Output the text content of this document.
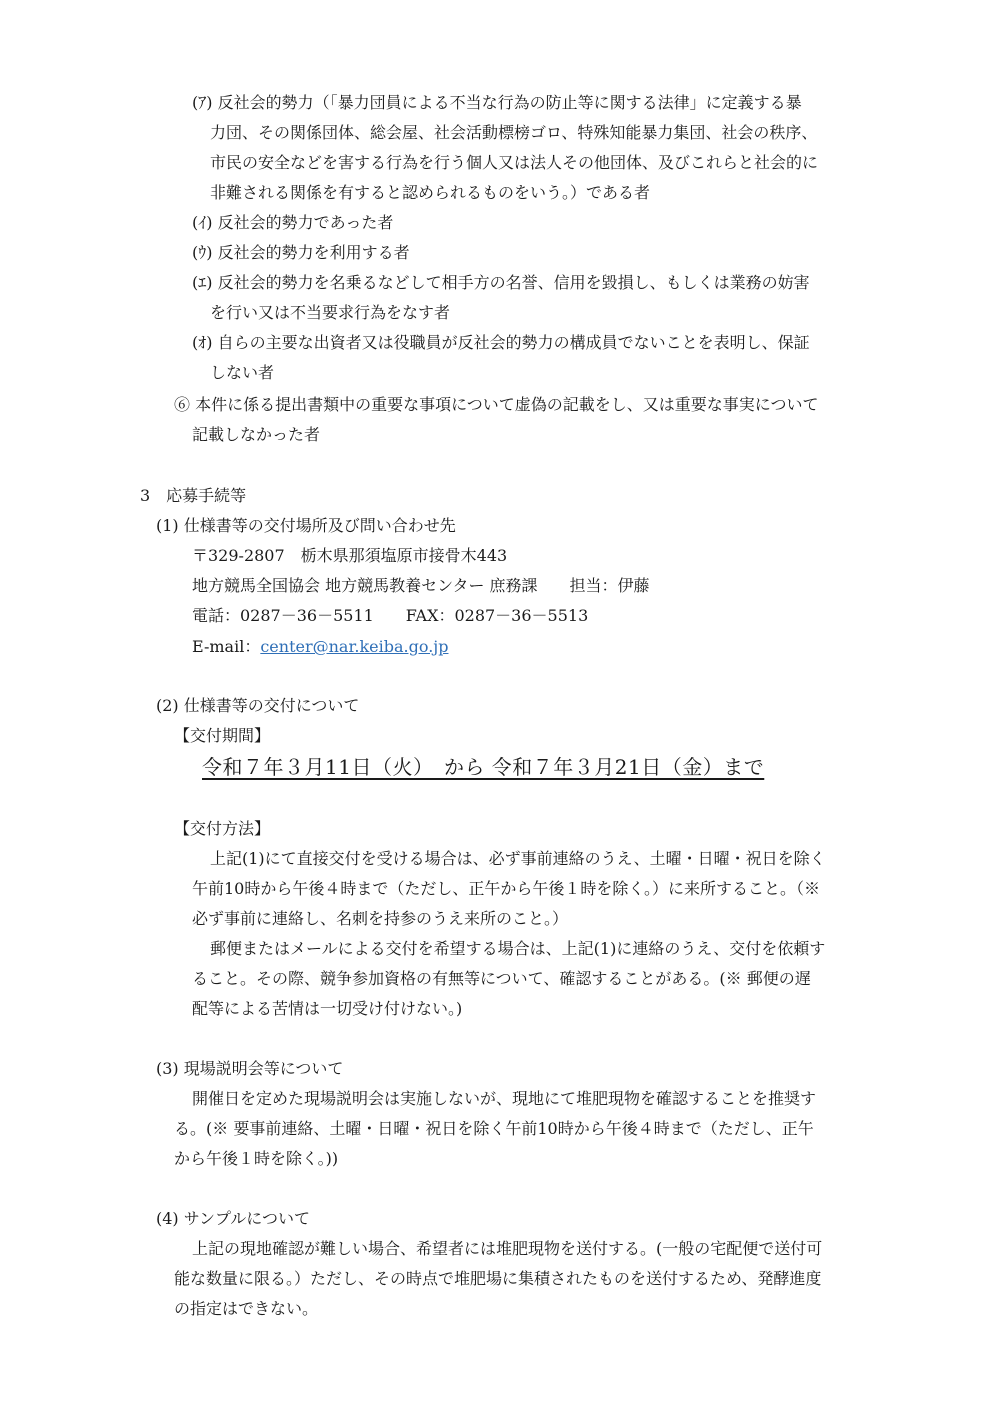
(ｱ) 反社会的勢力（「暴力団員による不当な行為の防止等に関する法律」に定義する暴
力団、その関係団体、総会屋、社会活動標榜ゴロ、特殊知能暴力集団、社会の秩序、
市民の安全などを害する行為を行う個人又は法人その他団体、及びこれらと社会的に
非難される関係を有すると認められるものをいう。）である者
(ｲ) 反社会的勢力であった者
(ｳ) 反社会的勢力を利用する者
(ｴ) 反社会的勢力を名乗るなどして相手方の名誉、信用を毀損し、もしくは業務の妨害
を行い又は不当要求行為をなす者
(ｵ) 自らの主要な出資者又は役職員が反社会的勢力の構成員でないことを表明し、保証
しない者
⑥ 本件に係る提出書類中の重要な事項について虚偽の記載をし、又は重要な事実について
記載しなかった者
3　応募手続等
(1) 仕様書等の交付場所及び問い合わせ先
〒329-2807　栃木県那須塩原市接骨木443
地方競馬全国協会 地方競馬教養センター 庶務課　　担当：伊藤
電話：0287－36－5511　　FAX：0287－36－5513
E-mail：center@nar.keiba.go.jp
(2) 仕様書等の交付について
【交付期間】
令和７年３月11日（火）　から 令和７年３月21日（金）まで
【交付方法】
上記(1)にて直接交付を受ける場合は、必ず事前連絡のうえ、土曜・日曜・祝日を除く
午前10時から午後４時まで（ただし、正午から午後１時を除く。）に来所すること。（※
必ず事前に連絡し、名刺を持参のうえ来所のこと。）
郵便またはメールによる交付を希望する場合は、上記(1)に連絡のうえ、交付を依頼す
ること。その際、競争参加資格の有無等について、確認することがある。(※ 郵便の遅
配等による苦情は一切受け付けない。)
(3) 現場説明会等について
開催日を定めた現場説明会は実施しないが、現地にて堆肥現物を確認することを推奨す
る。(※ 要事前連絡、土曜・日曜・祝日を除く午前10時から午後４時まで（ただし、正午
から午後１時を除く。))
(4) サンプルについて
上記の現地確認が難しい場合、希望者には堆肥現物を送付する。(一般の宅配便で送付可
能な数量に限る。）ただし、その時点で堆肥場に集積されたものを送付するため、発酵進度
の指定はできない。
